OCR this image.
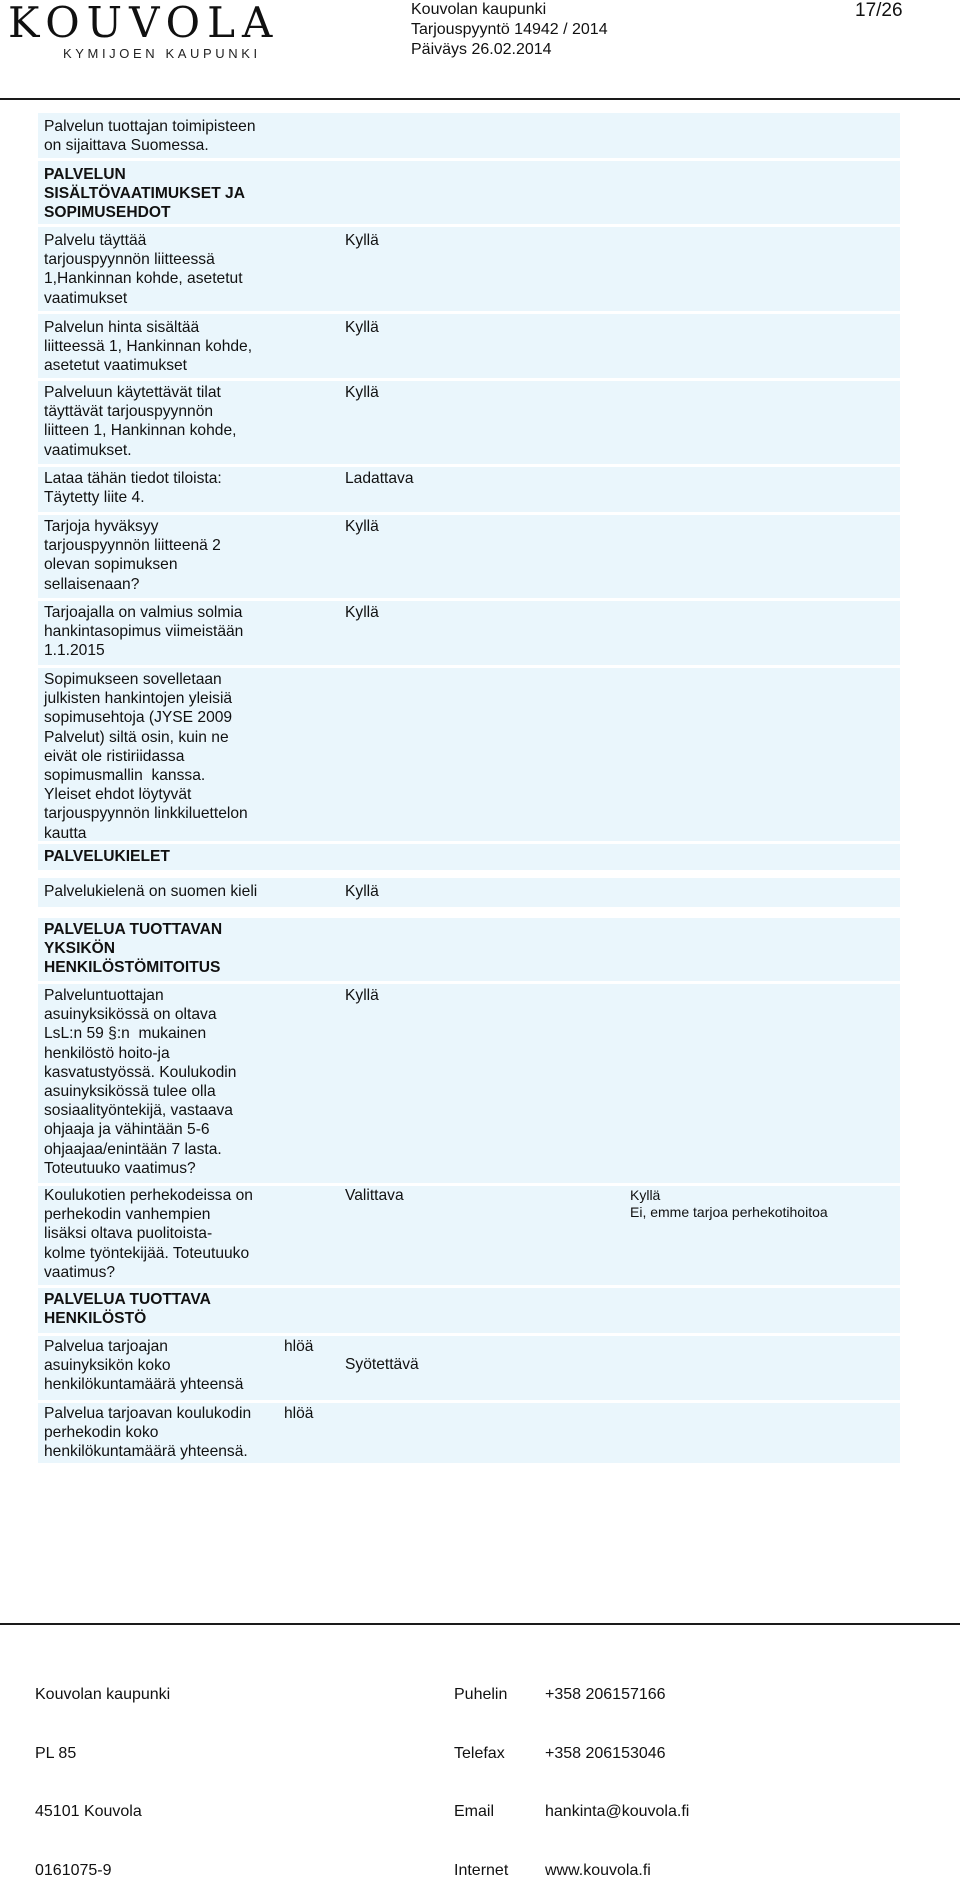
KOUVOLA
KYMIJOEN KAUPUNKI
Kouvolan kaupunki
Tarjouspyyntö 14942 / 2014
Päiväys 26.02.2014
17/26
Palvelun tuottajan toimipisteen
on sijaittava Suomessa.
PALVELUN
SISÄLTÖVAATIMUKSET JA
SOPIMUSEHDOT
Palvelu täyttää
tarjouspyynnön liitteessä
1,Hankinnan kohde, asetetut
vaatimukset
Kyllä
Palvelun hinta sisältää
liitteessä 1, Hankinnan kohde,
asetetut vaatimukset
Kyllä
Palveluun käytettävät tilat
täyttävät tarjouspyynnön
liitteen 1, Hankinnan kohde,
vaatimukset.
Kyllä
Lataa tähän tiedot tiloista:
Täytetty liite 4.
Ladattava
Tarjoja hyväksyy
tarjouspyynnön liitteenä 2
olevan sopimuksen
sellaisenaan?
Kyllä
Tarjoajalla on valmius solmia
hankintasopimus viimeistään
1.1.2015
Kyllä
Sopimukseen sovelletaan
julkisten hankintojen yleisiä
sopimusehtoja (JYSE 2009
Palvelut) siltä osin, kuin ne
eivät ole ristiriidassa
sopimusmallin  kanssa.
Yleiset ehdot löytyvät
tarjouspyynnön linkkiluettelon
kautta
PALVELUKIELET
Palvelukielenä on suomen kieli	Kyllä
PALVELUA TUOTTAVAN
YKSIKÖN
HENKILÖSTÖMITOITUS
Palveluntuottajan
asuinyksikössä on oltava
LsL:n 59 §:n  mukainen
henkilöstö hoito-ja
kasvatustyössä. Koulukodin
asuinyksikössä tulee olla
sosiaalityöntekijä, vastaava
ohjaaja ja vähintään 5-6
ohjaajaa/enintään 7 lasta.
Toteutuuko vaatimus?
Kyllä
Koulukotien perhekodeissa on
perhekodin vanhempien
lisäksi oltava puolitoista-
kolme työntekijää. Toteutuuko
vaatimus?
Valittava	Kyllä
Ei, emme tarjoa perhekotihoitoa
PALVELUA TUOTTAVA
HENKILÖSTÖ
Palvelua tarjoajan
asuinyksikön koko
henkilökuntamäärä yhteensä
hlöä
Syötettävä
Palvelua tarjoavan koulukodin
perhekodin koko
henkilökuntamäärä yhteensä.
hlöä

Kouvolan kaupunki

PL 85

45101 Kouvola

0161075-9

Puhelin

Telefax

Email

Internet

+358 206157166

+358 206153046

hankinta@kouvola.fi

www.kouvola.fi
